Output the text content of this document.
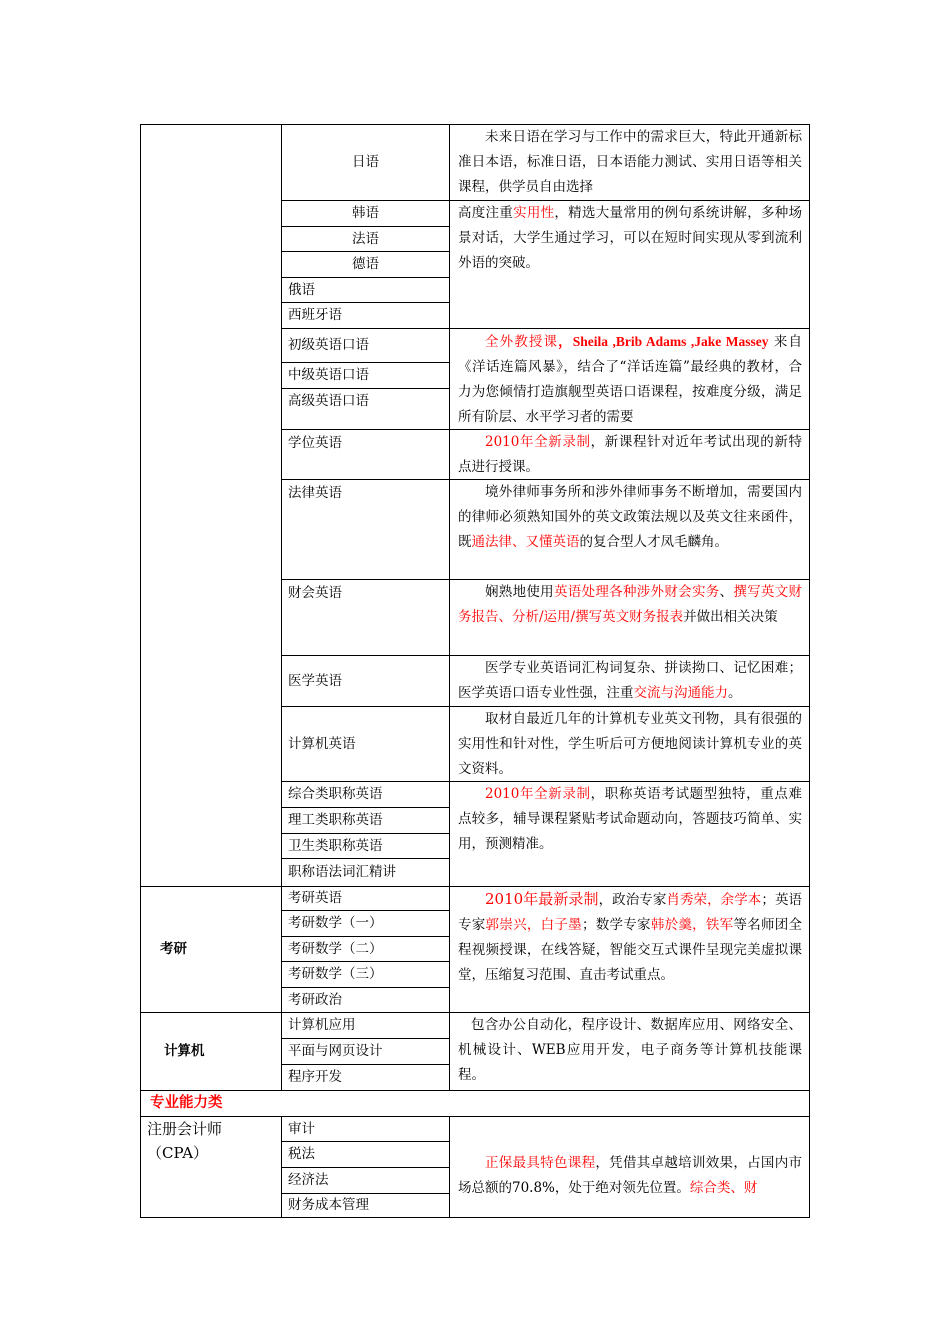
考研
计算机
专业能力类
注册会计师
（CPA）
日语
韩语
法语
德语
俄语
西班牙语
初级英语口语
中级英语口语
高级英语口语
学位英语
法律英语
财会英语
医学英语
计算机英语
综合类职称英语
理工类职称英语
卫生类职称英语
职称语法词汇精讲
考研英语
考研数学（一）
考研数学（二）
考研数学（三）
考研政治
计算机应用
平面与网页设计
程序开发
审计
税法
经济法
财务成本管理
未来日语在学习与工作中的需求巨大，特此开通新标准日本语，标准日语，日本语能力测试、实用日语等相关课程，供学员自由选择
高度注重实用性，精选大量常用的例句系统讲解，多种场景对话，大学生通过学习，可以在短时间实现从零到流利外语的突破。
全外教授课，Sheila ,Brib Adams ,Jake Massey 来自《洋话连篇风暴》，结合了“洋话连篇”最经典的教材，合力为您倾情打造旗舰型英语口语课程，按难度分级，满足所有阶层、水平学习者的需要
2010年全新录制，新课程针对近年考试出现的新特点进行授课。
境外律师事务所和涉外律师事务不断增加，需要国内的律师必须熟知国外的英文政策法规以及英文往来函件，既通法律、又懂英语的复合型人才凤毛麟角。
娴熟地使用英语处理各种涉外财会实务、撰写英文财务报告、分析/运用/撰写英文财务报表并做出相关决策
医学专业英语词汇构词复杂、拼读拗口、记忆困难；医学英语口语专业性强，注重交流与沟通能力。
取材自最近几年的计算机专业英文刊物，具有很强的实用性和针对性，学生听后可方便地阅读计算机专业的英文资料。
2010年全新录制，职称英语考试题型独特，重点难点较多，辅导课程紧贴考试命题动向，答题技巧简单、实用，预测精准。
2010年最新录制，政治专家肖秀荣，余学本；英语专家郭崇兴，白子墨；数学专家韩於羹，铁军等名师团全程视频授课，在线答疑，智能交互式课件呈现完美虚拟课堂，压缩复习范围、直击考试重点。
包含办公自动化，程序设计、数据库应用、网络安全、机械设计、WEB应用开发，电子商务等计算机技能课程。
正保最具特色课程，凭借其卓越培训效果，占国内市场总额的70.8%，处于绝对领先位置。综合类、财
